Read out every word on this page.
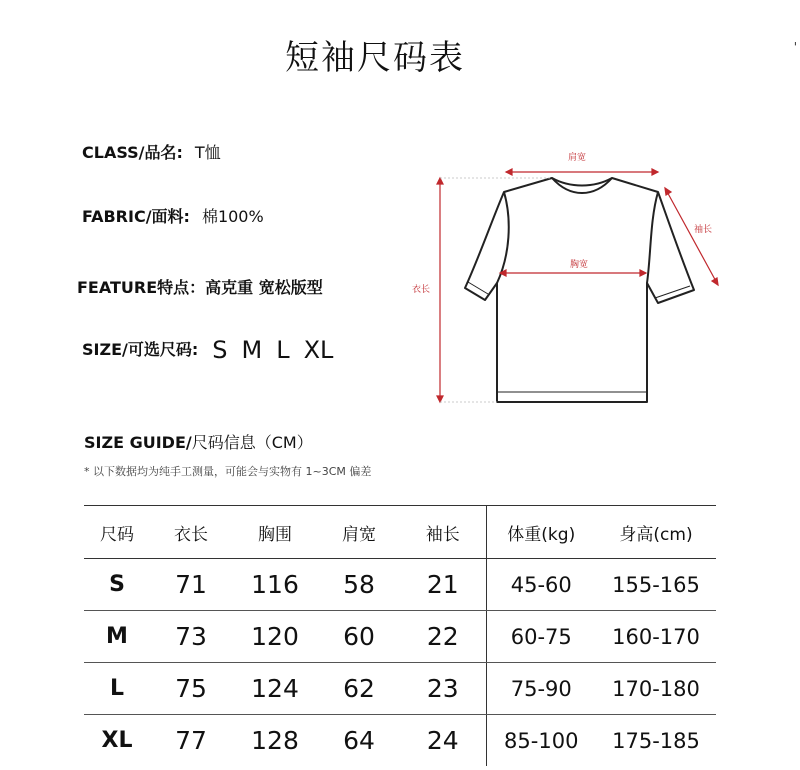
短袖尺码表	'
CLASS/品名: T恤
FABRIC/面料: 棉100%
FEATURE特点：高克重 宽松版型
SIZE/可选尺码: S M L XL
肩宽
胸宽
袖长
衣长
SIZE GUIDE/尺码信息（CM）
* 以下数据均为纯手工测量，可能会与实物有 1~3CM 偏差
尺码	衣长	胸围	肩宽	袖长	体重(kg)	身高(cm)
S	71	116	58	21	45-60	155-165
M	73	120	60	22	60-75	160-170
L	75	124	62	23	75-90	170-180
XL	77	128	64	24	85-100	175-185
